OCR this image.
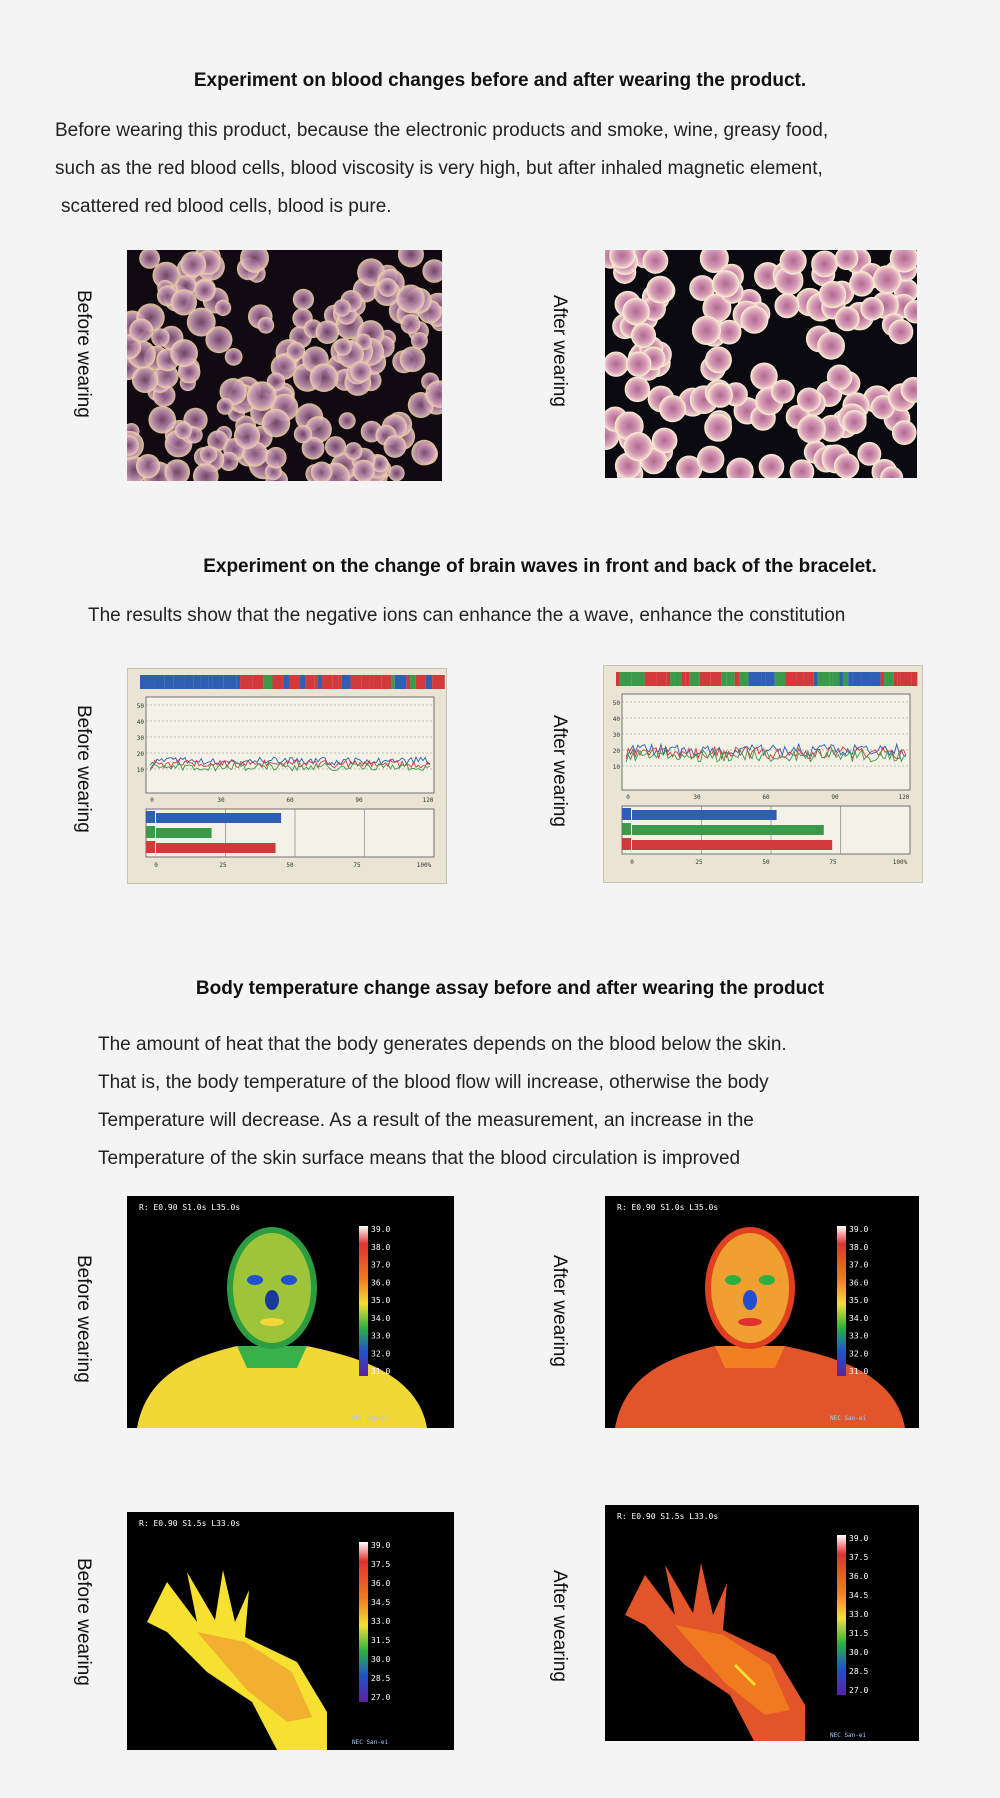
Experiment on blood changes before and after wearing the product.
Before wearing this product, because the electronic products and smoke, wine, greasy food,
such as the red blood cells, blood viscosity is very high, but after inhaled magnetic element,
scattered red blood cells, blood is pure.
Before wearing	After wearing
Experiment on the change of brain waves in front and back of the bracelet.
The results show that the negative ions can enhance the a wave, enhance the constitution
Before wearing	50
40
30
20
10
0	30	60	90	120
0	25	50	75	100%
After wearing
50
40
30
20
10
0	30	60	90	120
0	25	50	75	100%
Body temperature change assay before and after wearing the product
The amount of heat that the body generates depends on the blood below the skin.
That is, the body temperature of the blood flow will increase, otherwise the body
Temperature will decrease. As a result of the measurement, an increase in the
Temperature of the skin surface means that the blood circulation is improved
Before wearing
R: E0.90 S1.0s L35.0s
39.0
38.0
37.0
36.0
35.0
34.0
33.0
32.0
31.0
NEC San-ei
After wearing
R: E0.90 S1.0s L35.0s
39.0
38.0
37.0
36.0
35.0
34.0
33.0
32.0
31.0
NEC San-ei
Before wearing
R: E0.90 S1.5s L33.0s
39.0
37.5
36.0
34.5
33.0
31.5
30.0
28.5
27.0
NEC San-ei
After wearing
R: E0.90 S1.5s L33.0s
39.0
37.5
36.0
34.5
33.0
31.5
30.0
28.5
27.0
NEC San-ei
